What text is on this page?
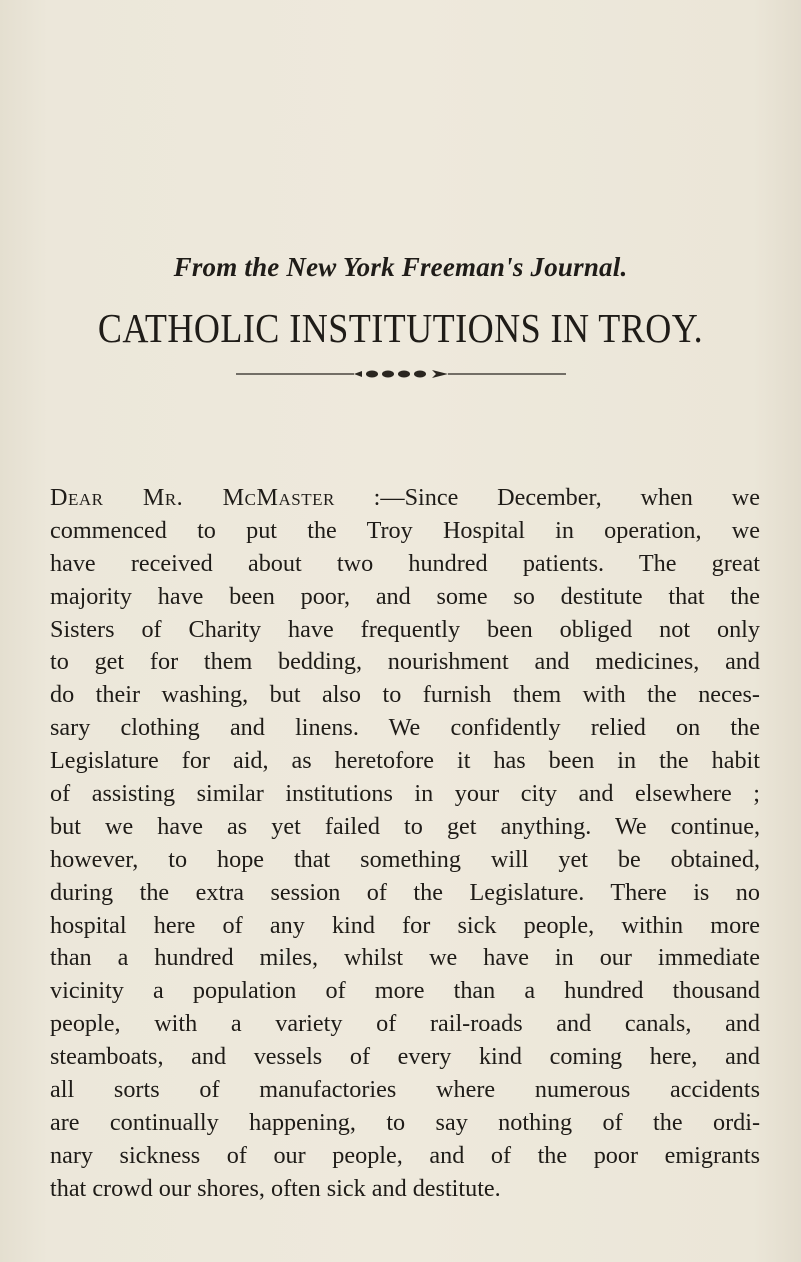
From the New York Freeman's Journal.
CATHOLIC INSTITUTIONS IN TROY.
Dear Mr. McMaster :—Since December, when we
commenced to put the Troy Hospital in operation, we
have received about two hundred patients. The great
majority have been poor, and some so destitute that the
Sisters of Charity have frequently been obliged not only
to get for them bedding, nourishment and medicines, and
do their washing, but also to furnish them with the neces-
sary clothing and linens. We confidently relied on the
Legislature for aid, as heretofore it has been in the habit
of assisting similar institutions in your city and elsewhere ;
but we have as yet failed to get anything. We continue,
however, to hope that something will yet be obtained,
during the extra session of the Legislature. There is no
hospital here of any kind for sick people, within more
than a hundred miles, whilst we have in our immediate
vicinity a population of more than a hundred thousand
people, with a variety of rail-roads and canals, and
steamboats, and vessels of every kind coming here, and
all sorts of manufactories where numerous accidents
are continually happening, to say nothing of the ordi-
nary sickness of our people, and of the poor emigrants
that crowd our shores, often sick and destitute.
